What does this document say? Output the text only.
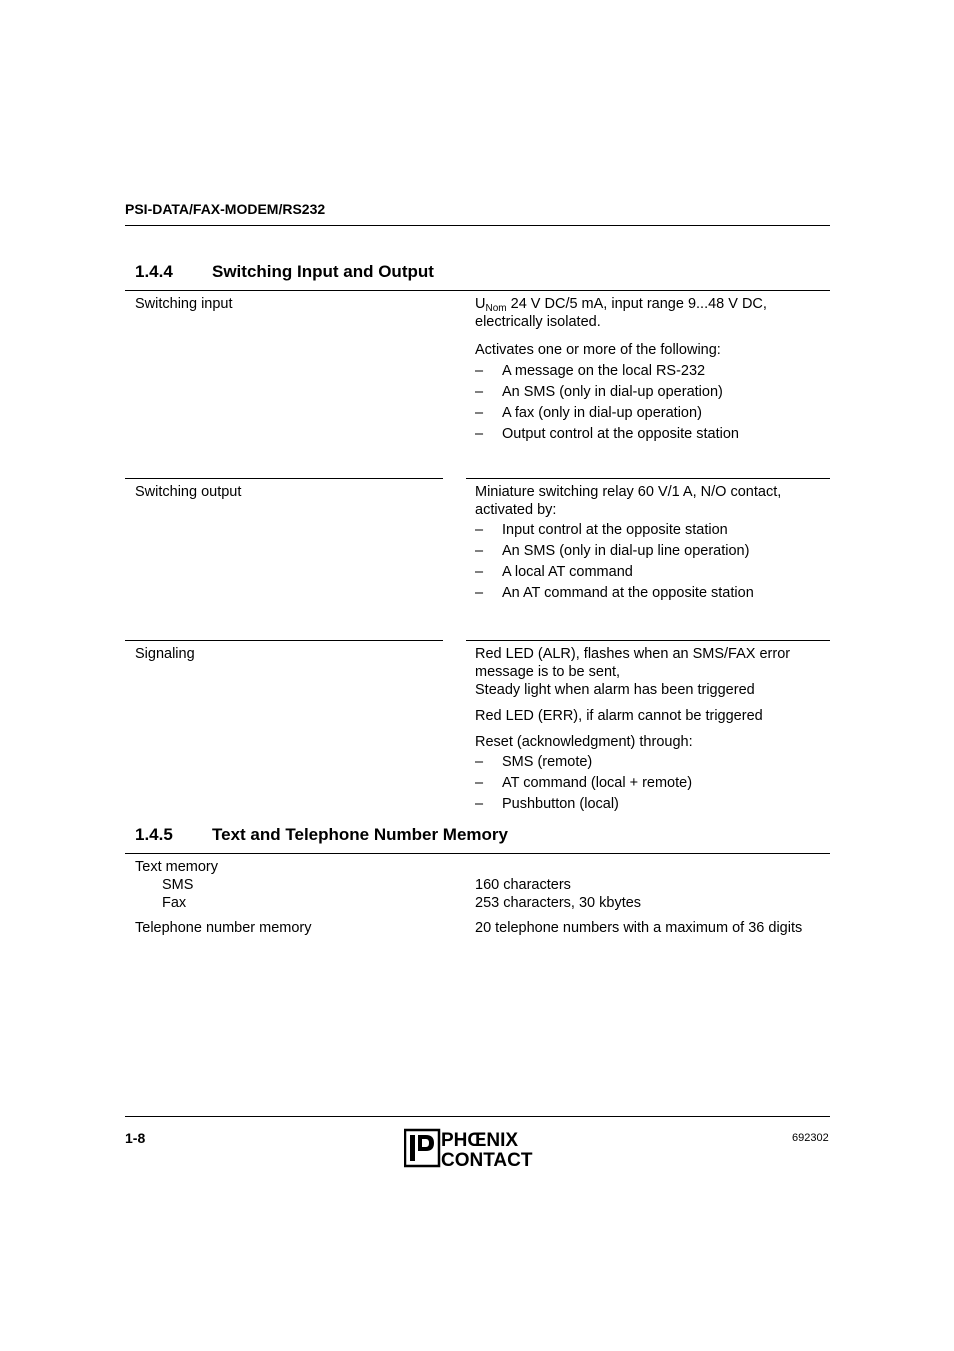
PSI-DATA/FAX-MODEM/RS232
1.4.4 Switching Input and Output
Switching input	$U_{Nom}$ 24 V DC/5 mA, input range 9...48 V DC,
electrically isolated.
Activates one or more of the following:
– A message on the local RS-232
– An SMS (only in dial-up operation)
– A fax (only in dial-up operation)
– Output control at the opposite station
Switching output	Miniature switching relay 60 V/1 A, N/O contact,
activated by:
– Input control at the opposite station
– An SMS (only in dial-up line operation)
– A local AT command
– An AT command at the opposite station
Signaling	Red LED (ALR), flashes when an SMS/FAX error
message is to be sent,
Steady light when alarm has been triggered
Red LED (ERR), if alarm cannot be triggered
Reset (acknowledgment) through:
– SMS (remote)
– AT command (local + remote)
– Pushbutton (local)
1.4.5 Text and Telephone Number Memory
Text memory
SMS	160 characters
Fax	253 characters, 30 kbytes
Telephone number memory	20 telephone numbers with a maximum of 36 digits
1-8	PHŒNIX
CONTACT
692302
